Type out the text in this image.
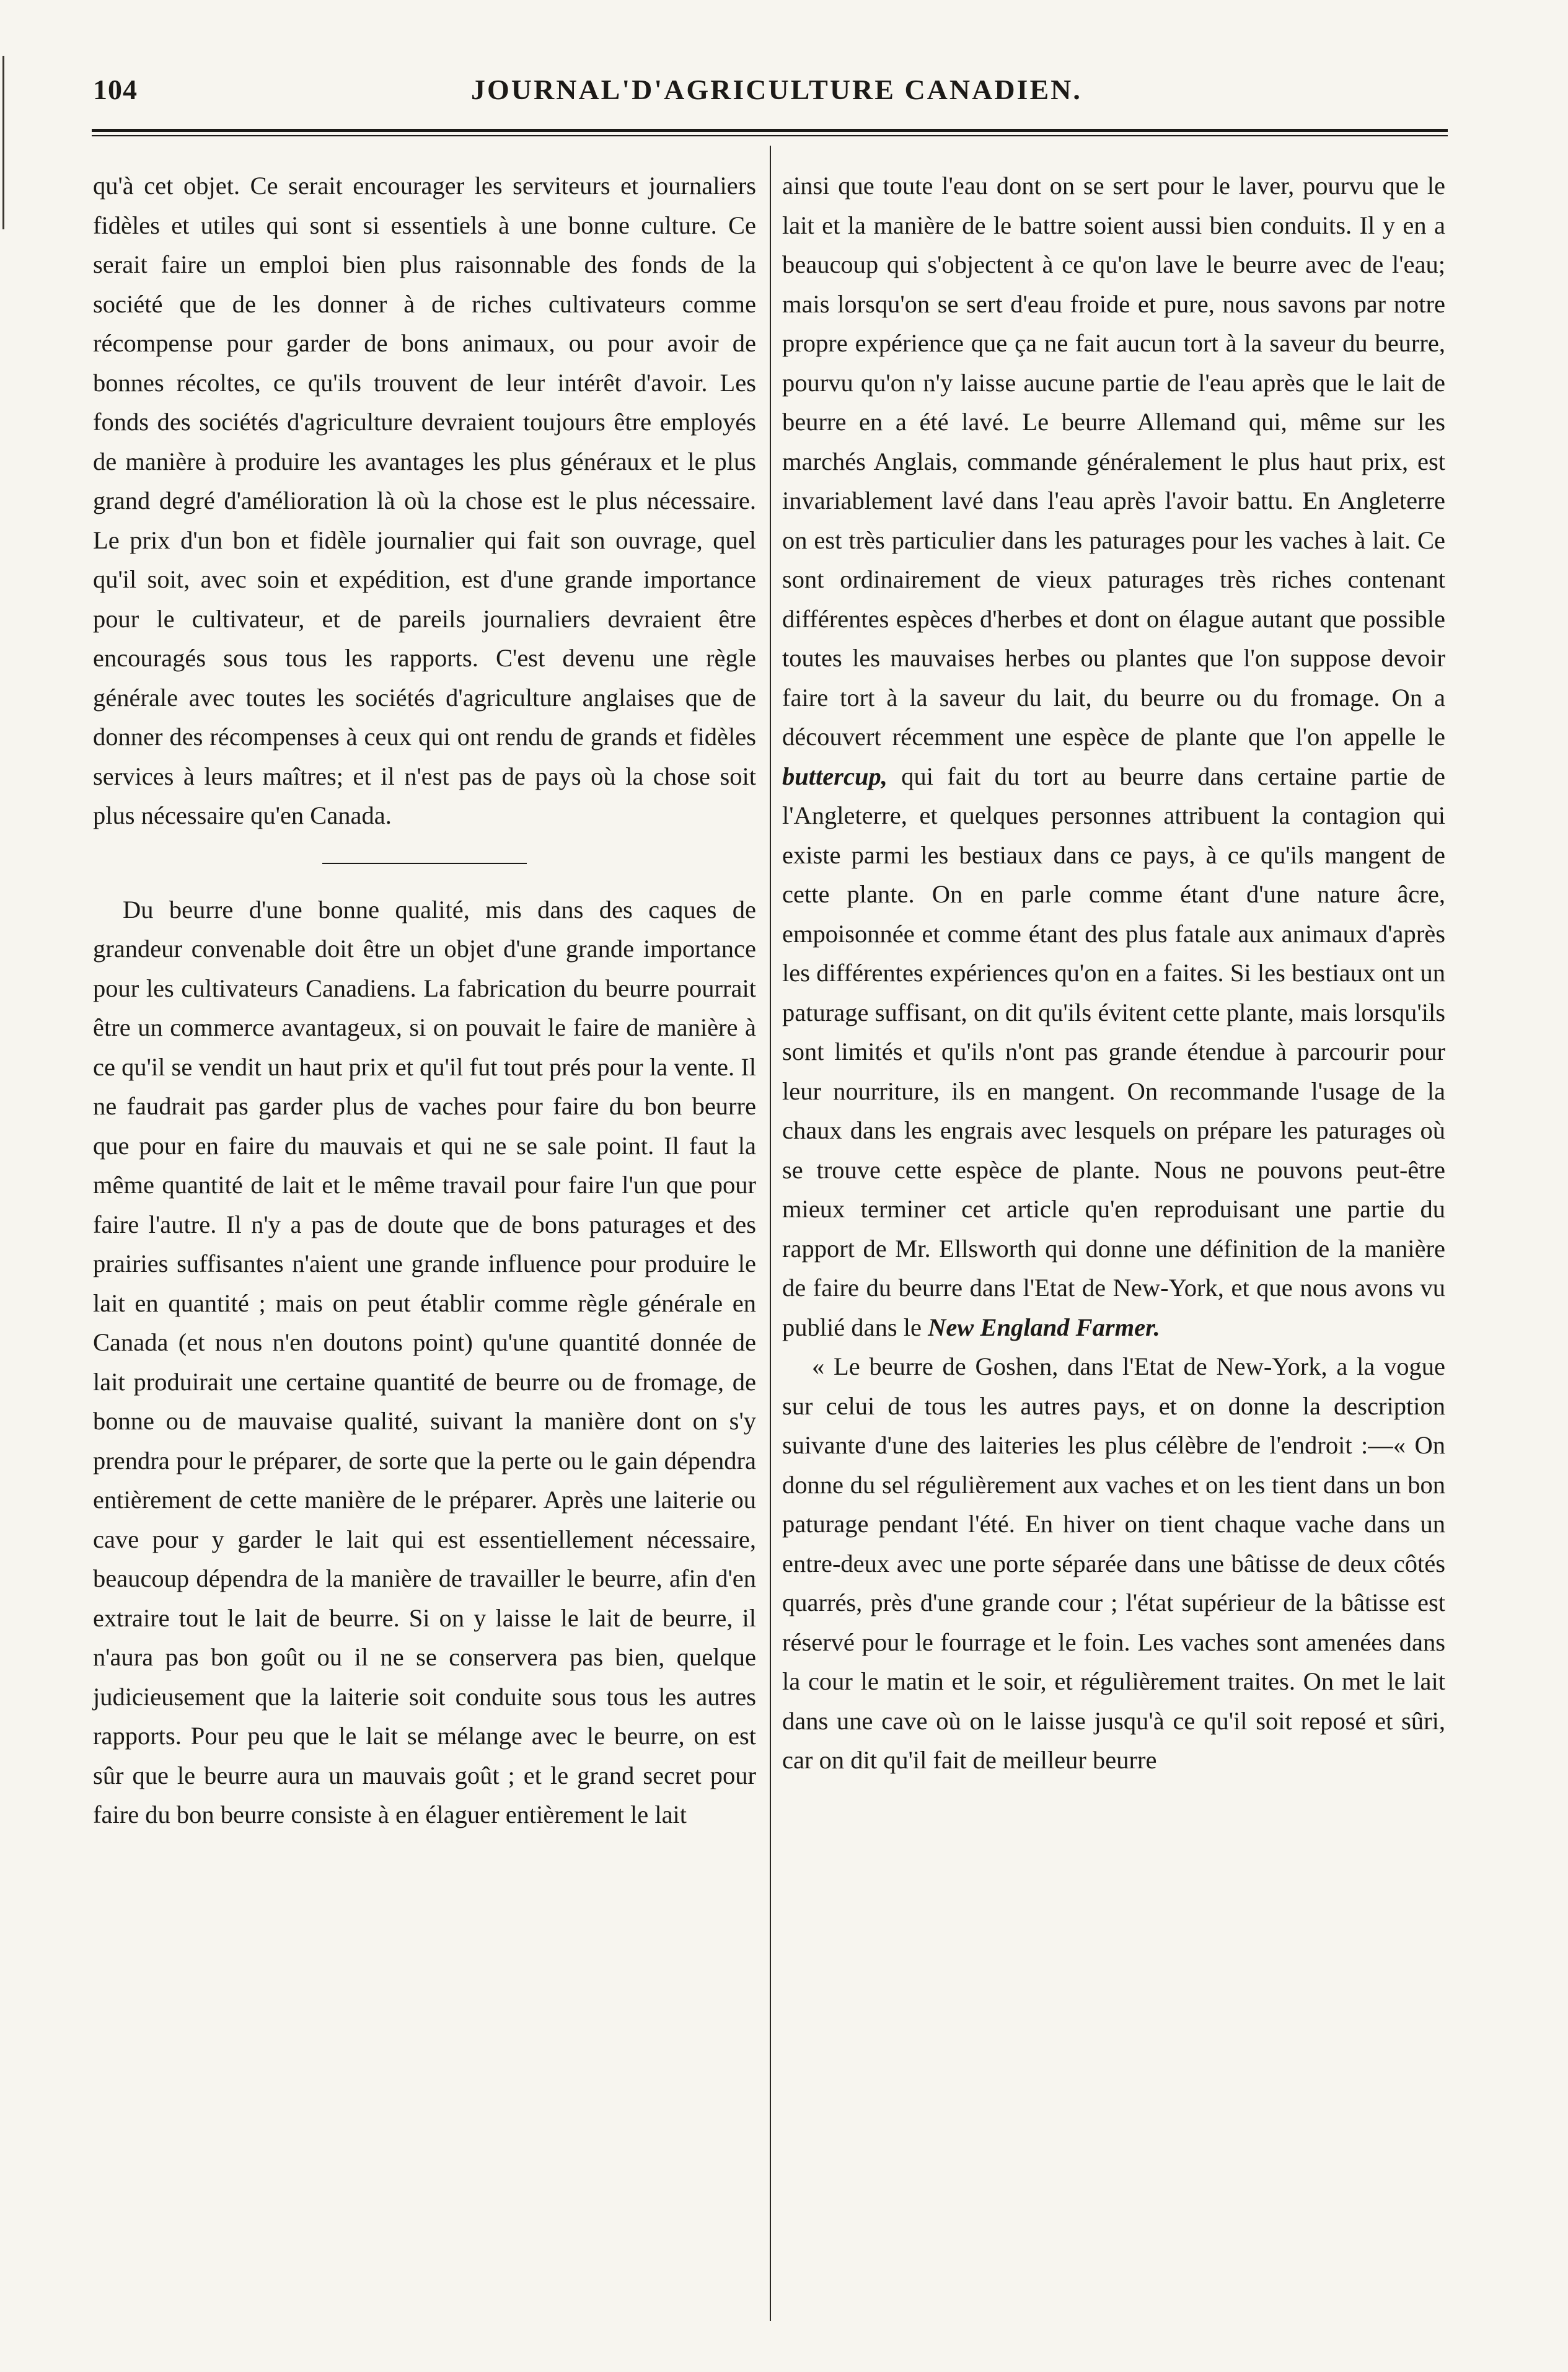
104	JOURNAL'D'AGRICULTURE CANADIEN.

qu'à cet objet. Ce serait encourager les serviteurs et journaliers fidèles et utiles qui sont si essentiels à une bonne culture. Ce serait faire un emploi bien plus raisonnable des fonds de la société que de les donner à de riches cultivateurs comme récompense pour garder de bons animaux, ou pour avoir de bonnes récoltes, ce qu'ils trouvent de leur intérêt d'avoir. Les fonds des sociétés d'agriculture devraient toujours être employés de manière à produire les avantages les plus généraux et le plus grand degré d'amélioration là où la chose est le plus nécessaire. Le prix d'un bon et fidèle journalier qui fait son ouvrage, quel qu'il soit, avec soin et expédition, est d'une grande importance pour le cultivateur, et de pareils journaliers devraient être encouragés sous tous les rapports. C'est devenu une règle générale avec toutes les sociétés d'agriculture anglaises que de donner des récompenses à ceux qui ont rendu de grands et fidèles services à leurs maîtres; et il n'est pas de pays où la chose soit plus nécessaire qu'en Canada.

Du beurre d'une bonne qualité, mis dans des caques de grandeur convenable doit être un objet d'une grande importance pour les cultivateurs Canadiens. La fabrication du beurre pourrait être un commerce avantageux, si on pouvait le faire de manière à ce qu'il se vendit un haut prix et qu'il fut tout prés pour la vente. Il ne faudrait pas garder plus de vaches pour faire du bon beurre que pour en faire du mauvais et qui ne se sale point. Il faut la même quantité de lait et le même travail pour faire l'un que pour faire l'autre. Il n'y a pas de doute que de bons paturages et des prairies suffisantes n'aient une grande influence pour produire le lait en quantité ; mais on peut établir comme règle générale en Canada (et nous n'en doutons point) qu'une quantité donnée de lait produirait une certaine quantité de beurre ou de fromage, de bonne ou de mauvaise qualité, suivant la manière dont on s'y prendra pour le préparer, de sorte que la perte ou le gain dépendra entièrement de cette manière de le préparer. Après une laiterie ou cave pour y garder le lait qui est essentiellement nécessaire, beaucoup dépendra de la manière de travailler le beurre, afin d'en extraire tout le lait de beurre. Si on y laisse le lait de beurre, il n'aura pas bon goût ou il ne se conservera pas bien, quelque judicieusement que la laiterie soit conduite sous tous les autres rapports. Pour peu que le lait se mélange avec le beurre, on est sûr que le beurre aura un mauvais goût ; et le grand secret pour faire du bon beurre consiste à en élaguer entièrement le lait

ainsi que toute l'eau dont on se sert pour le laver, pourvu que le lait et la manière de le battre soient aussi bien conduits. Il y en a beaucoup qui s'objectent à ce qu'on lave le beurre avec de l'eau; mais lorsqu'on se sert d'eau froide et pure, nous savons par notre propre expérience que ça ne fait aucun tort à la saveur du beurre, pourvu qu'on n'y laisse aucune partie de l'eau après que le lait de beurre en a été lavé. Le beurre Allemand qui, même sur les marchés Anglais, commande généralement le plus haut prix, est invariablement lavé dans l'eau après l'avoir battu. En Angleterre on est très particulier dans les paturages pour les vaches à lait. Ce sont ordinairement de vieux paturages très riches contenant différentes espèces d'herbes et dont on élague autant que possible toutes les mauvaises herbes ou plantes que l'on suppose devoir faire tort à la saveur du lait, du beurre ou du fromage. On a découvert récemment une espèce de plante que l'on appelle le buttercup, qui fait du tort au beurre dans certaine partie de l'Angleterre, et quelques personnes attribuent la contagion qui existe parmi les bestiaux dans ce pays, à ce qu'ils mangent de cette plante. On en parle comme étant d'une nature âcre, empoisonnée et comme étant des plus fatale aux animaux d'après les différentes expériences qu'on en a faites. Si les bestiaux ont un paturage suffisant, on dit qu'ils évitent cette plante, mais lorsqu'ils sont limités et qu'ils n'ont pas grande étendue à parcourir pour leur nourriture, ils en mangent. On recommande l'usage de la chaux dans les engrais avec lesquels on prépare les paturages où se trouve cette espèce de plante. Nous ne pouvons peut-être mieux terminer cet article qu'en reproduisant une partie du rapport de Mr. Ellsworth qui donne une définition de la manière de faire du beurre dans l'Etat de New-York, et que nous avons vu publié dans le New England Farmer.

« Le beurre de Goshen, dans l'Etat de New-York, a la vogue sur celui de tous les autres pays, et on donne la description suivante d'une des laiteries les plus célèbre de l'endroit :—« On donne du sel régulièrement aux vaches et on les tient dans un bon paturage pendant l'été. En hiver on tient chaque vache dans un entre-deux avec une porte séparée dans une bâtisse de deux côtés quarrés, près d'une grande cour ; l'état supérieur de la bâtisse est réservé pour le fourrage et le foin. Les vaches sont amenées dans la cour le matin et le soir, et régulièrement traites. On met le lait dans une cave où on le laisse jusqu'à ce qu'il soit reposé et sûri, car on dit qu'il fait de meilleur beurre
